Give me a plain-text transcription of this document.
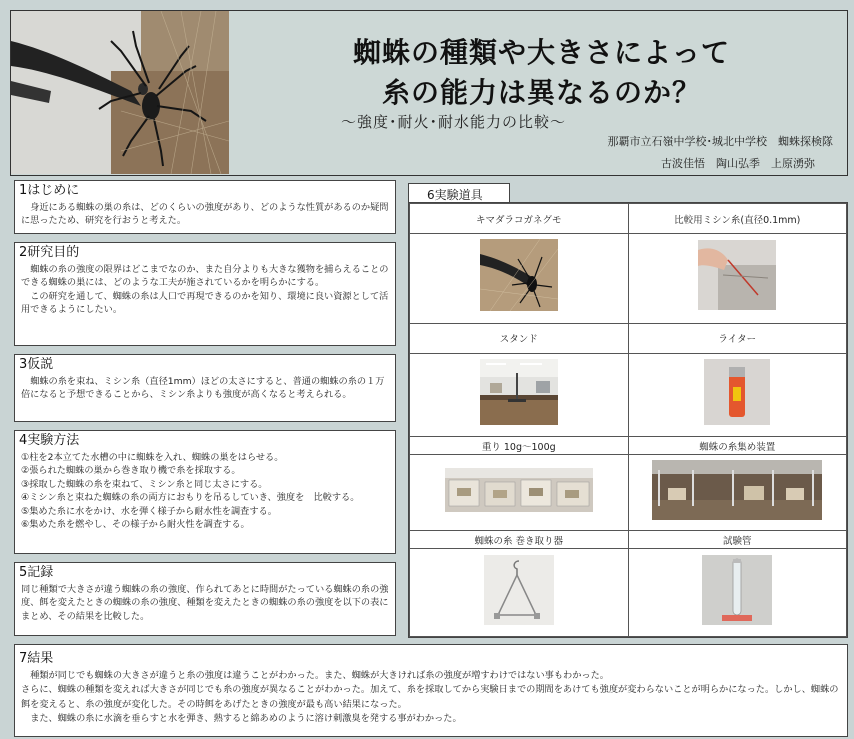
蜘蛛の種類や大きさによって
糸の能力は異なるのか？
～強度･耐火･耐水能力の比較～
那覇市立石嶺中学校･城北中学校　蜘蛛探検隊
古波佳悟　陶山弘季　上原湧弥
1はじめに
身近にある蜘蛛の巣の糸は、どのくらいの強度があり、どのような性質があるのか疑問に思ったため、研究を行おうと考えた。
2研究目的
蜘蛛の糸の強度の限界はどこまでなのか、また自分よりも大きな獲物を捕らえることのできる蜘蛛の巣には、どのような工夫が施されているかを明らかにする。
この研究を通して、蜘蛛の糸は人口で再現できるのかを知り、環境に良い資源として活用できるようにしたい。
3仮説
蜘蛛の糸を束ね、ミシン糸（直径1mm）ほどの太さにすると、普通の蜘蛛の糸の１万倍になると予想できることから、ミシン糸よりも強度が高くなると考えられる。
4実験方法
①柱を2本立てた水槽の中に蜘蛛を入れ、蜘蛛の巣をはらせる。
②張られた蜘蛛の巣から巻き取り機で糸を採取する。
③採取した蜘蛛の糸を束ねて、ミシン糸と同じ太さにする。
④ミシン糸と束ねた蜘蛛の糸の両方におもりを吊るしていき、強度を　比較する。
⑤集めた糸に水をかけ、水を弾く様子から耐水性を調査する。
⑥集めた糸を燃やし、その様子から耐火性を調査する。
5記録
同じ種類で大きさが違う蜘蛛の糸の強度、作られてあとに時間がたっている蜘蛛の糸の強度、餌を変えたときの蜘蛛の糸の強度、種類を変えたときの蜘蛛の糸の強度を以下の表にまとめ、その結果を比較した。
6実験道具
キマダラコガネグモ	比較用ミシン糸(直径0.1mm)

スタンド	ライター

重り 10g～100g	蜘蛛の糸集め装置

蜘蛛の糸 巻き取り器	試験管

7結果
種類が同じでも蜘蛛の大きさが違うと糸の強度は違うことがわかった。また、蜘蛛が大きければ糸の強度が増すわけではない事もわかった。
さらに、蜘蛛の種類を変えれば大きさが同じでも糸の強度が異なることがわかった。加えて、糸を採取してから実験日までの期間をあけても強度が変わらないことが明らかになった。しかし、蜘蛛の餌を変えると、糸の強度が変化した。その時餌をあげたときの強度が最も高い結果になった。
また、蜘蛛の糸に水滴を垂らすと水を弾き、熱すると綿あめのように溶け刺激臭を発する事がわかった。
